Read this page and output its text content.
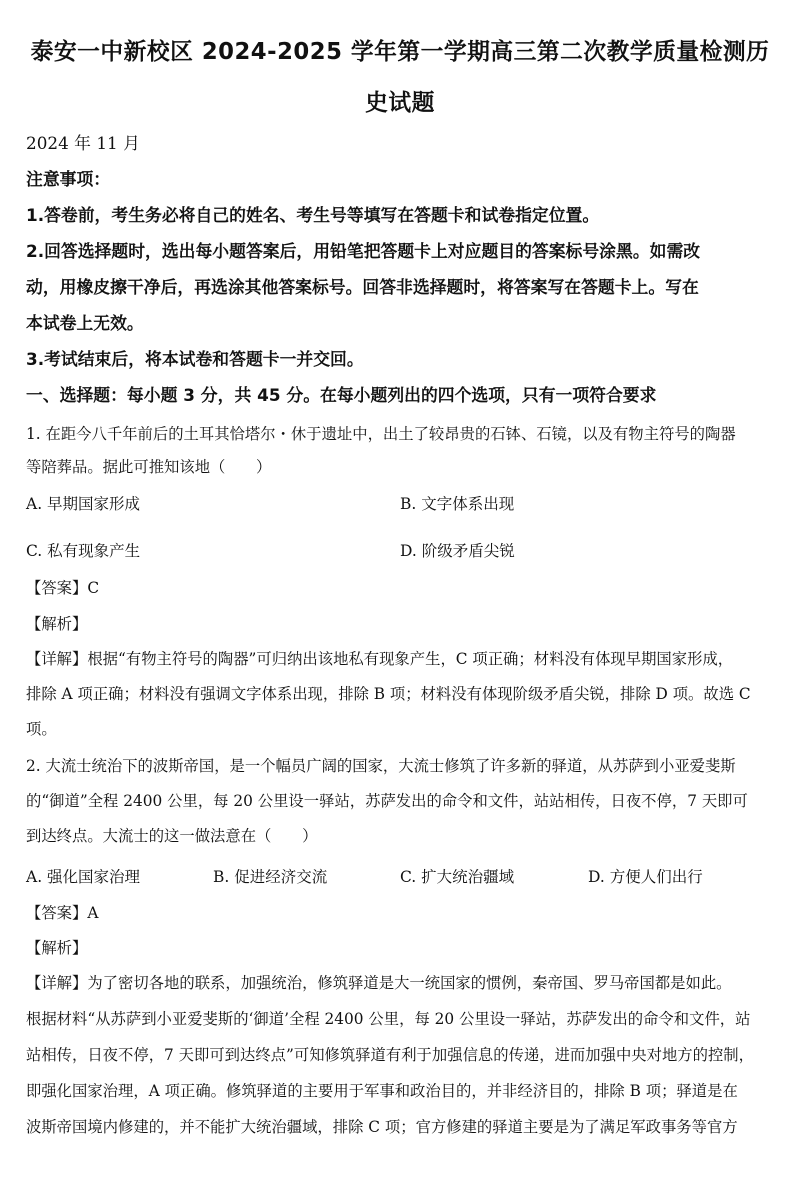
泰安一中新校区 2024-2025 学年第一学期高三第二次教学质量检测历
史试题
2024 年 11 月
注意事项：
1.答卷前，考生务必将自己的姓名、考生号等填写在答题卡和试卷指定位置。
2.回答选择题时，选出每小题答案后，用铅笔把答题卡上对应题目的答案标号涂黑。如需改
动，用橡皮擦干净后，再选涂其他答案标号。回答非选择题时，将答案写在答题卡上。写在
本试卷上无效。
3.考试结束后，将本试卷和答题卡一并交回。
一、选择题：每小题 3 分，共 45 分。在每小题列出的四个选项，只有一项符合要求
1. 在距今八千年前后的土耳其恰塔尔・休于遗址中，出土了较昂贵的石钵、石镜，以及有物主符号的陶器
等陪葬品。据此可推知该地（　　）
A. 早期国家形成	B. 文字体系出现
C. 私有现象产生	D. 阶级矛盾尖锐
【答案】C
【解析】
【详解】根据“有物主符号的陶器”可归纳出该地私有现象产生，C 项正确；材料没有体现早期国家形成，
排除 A 项正确；材料没有强调文字体系出现，排除 B 项；材料没有体现阶级矛盾尖锐，排除 D 项。故选 C
项。
2. 大流士统治下的波斯帝国，是一个幅员广阔的国家，大流士修筑了许多新的驿道，从苏萨到小亚爱斐斯
的“御道”全程 2400 公里，每 20 公里设一驿站，苏萨发出的命令和文件，站站相传，日夜不停，7 天即可
到达终点。大流士的这一做法意在（　　）
A. 强化国家治理	B. 促进经济交流	C. 扩大统治疆域	D. 方便人们出行
【答案】A
【解析】
【详解】为了密切各地的联系，加强统治，修筑驿道是大一统国家的惯例，秦帝国、罗马帝国都是如此。
根据材料“从苏萨到小亚爱斐斯的‘御道’全程 2400 公里，每 20 公里设一驿站，苏萨发出的命令和文件，站
站相传，日夜不停，7 天即可到达终点”可知修筑驿道有利于加强信息的传递，进而加强中央对地方的控制，
即强化国家治理，A 项正确。修筑驿道的主要用于军事和政治目的，并非经济目的，排除 B 项；驿道是在
波斯帝国境内修建的，并不能扩大统治疆域，排除 C 项；官方修建的驿道主要是为了满足军政事务等官方
